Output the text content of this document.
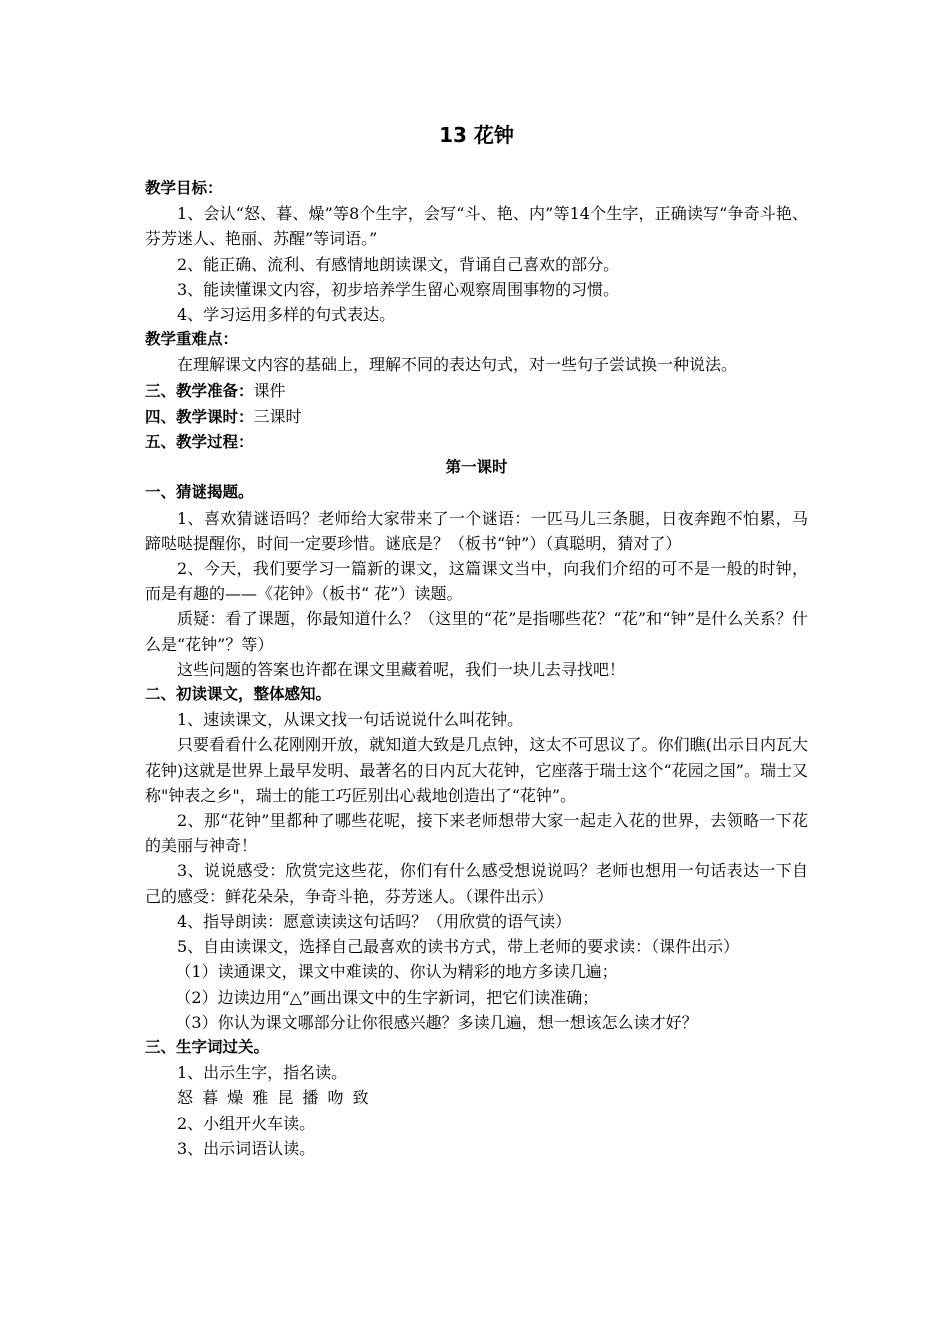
13 花钟
教学目标：

1、会认“怒、暮、燥”等8个生字，会写“斗、艳、内”等14个生字，正确读写“争奇斗艳、芬芳迷人、艳丽、苏醒”等词语。”

2、能正确、流利、有感情地朗读课文，背诵自己喜欢的部分。

3、能读懂课文内容，初步培养学生留心观察周围事物的习惯。

4、学习运用多样的句式表达。

教学重难点：

在理解课文内容的基础上，理解不同的表达句式，对一些句子尝试换一种说法。

三、教学准备：课件
四、教学课时：三课时
五、教学过程：
第一课时
一、猜谜揭题。

1、喜欢猜谜语吗？老师给大家带来了一个谜语：一匹马儿三条腿，日夜奔跑不怕累，马蹄哒哒提醒你，时间一定要珍惜。谜底是？（板书“钟”）（真聪明，猜对了）

2、今天，我们要学习一篇新的课文，这篇课文当中，向我们介绍的可不是一般的时钟，而是有趣的——《花钟》（板书“ 花”）读题。

质疑：看了课题，你最知道什么？（这里的“花”是指哪些花？“花”和“钟”是什么关系？什么是“花钟”？等）

这些问题的答案也许都在课文里藏着呢，我们一块儿去寻找吧！

二、初读课文，整体感知。

1、速读课文，从课文找一句话说说什么叫花钟。

只要看看什么花刚刚开放，就知道大致是几点钟，这太不可思议了。你们瞧(出示日内瓦大花钟)这就是世界上最早发明、最著名的日内瓦大花钟，它座落于瑞士这个“花园之国”。瑞士又称"钟表之乡"，瑞士的能工巧匠别出心裁地创造出了“花钟”。

2、那“花钟”里都种了哪些花呢，接下来老师想带大家一起走入花的世界，去领略一下花的美丽与神奇！

3、说说感受：欣赏完这些花，你们有什么感受想说说吗？老师也想用一句话表达一下自己的感受：鲜花朵朵，争奇斗艳，芬芳迷人。（课件出示）

4、指导朗读：愿意读读这句话吗？（用欣赏的语气读）

5、自由读课文，选择自己最喜欢的读书方式，带上老师的要求读：（课件出示）

（1）读通课文，课文中难读的、你认为精彩的地方多读几遍；

（2）边读边用“△”画出课文中的生字新词，把它们读准确；

（3）你认为课文哪部分让你很感兴趣？多读几遍，想一想该怎么读才好？

三、生字词过关。

1、出示生字，指名读。

怒 暮 燥 雅 昆 播 吻 致

2、小组开火车读。

3、出示词语认读。
